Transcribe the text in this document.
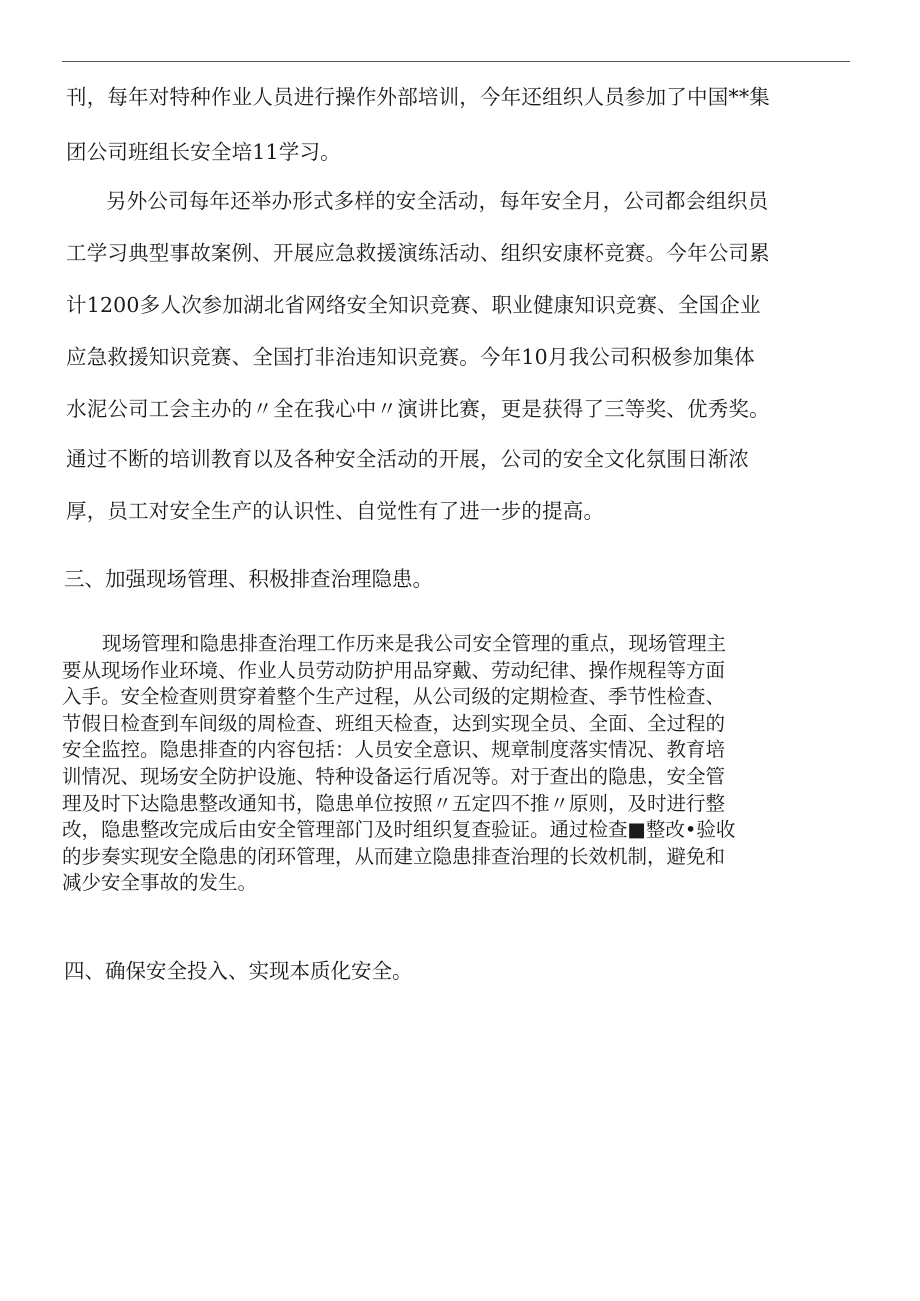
刊，每年对特种作业人员进行操作外部培训，今年还组织人员参加了中国**集
团公司班组长安全培11学习。
另外公司每年还举办形式多样的安全活动，每年安全月，公司都会组织员
工学习典型事故案例、开展应急救援演练活动、组织安康杯竞赛。今年公司累
计1200多人次参加湖北省网络安全知识竞赛、职业健康知识竞赛、全国企业
应急救援知识竞赛、全国打非治违知识竞赛。今年10月我公司积极参加集体
水泥公司工会主办的〃全在我心中〃演讲比赛，更是获得了三等奖、优秀奖。
通过不断的培训教育以及各种安全活动的开展，公司的安全文化氛围日渐浓
厚，员工对安全生产的认识性、自觉性有了进一步的提高。
三、加强现场管理、积极排查治理隐患。
现场管理和隐患排查治理工作历来是我公司安全管理的重点，现场管理主
要从现场作业环境、作业人员劳动防护用品穿戴、劳动纪律、操作规程等方面
入手。安全检查则贯穿着整个生产过程，从公司级的定期检查、季节性检查、
节假日检查到车间级的周检查、班组天检查，达到实现全员、全面、全过程的
安全监控。隐患排查的内容包括：人员安全意识、规章制度落实情况、教育培
训情况、现场安全防护设施、特种设备运行盾况等。对于查出的隐患，安全管
理及时下达隐患整改通知书，隐患单位按照〃五定四不推〃原则，及时进行整
改，隐患整改完成后由安全管理部门及时组织复查验证。通过检查■整改•验收
的步奏实现安全隐患的闭环管理，从而建立隐患排查治理的长效机制，避免和
减少安全事故的发生。
四、确保安全投入、实现本质化安全。
